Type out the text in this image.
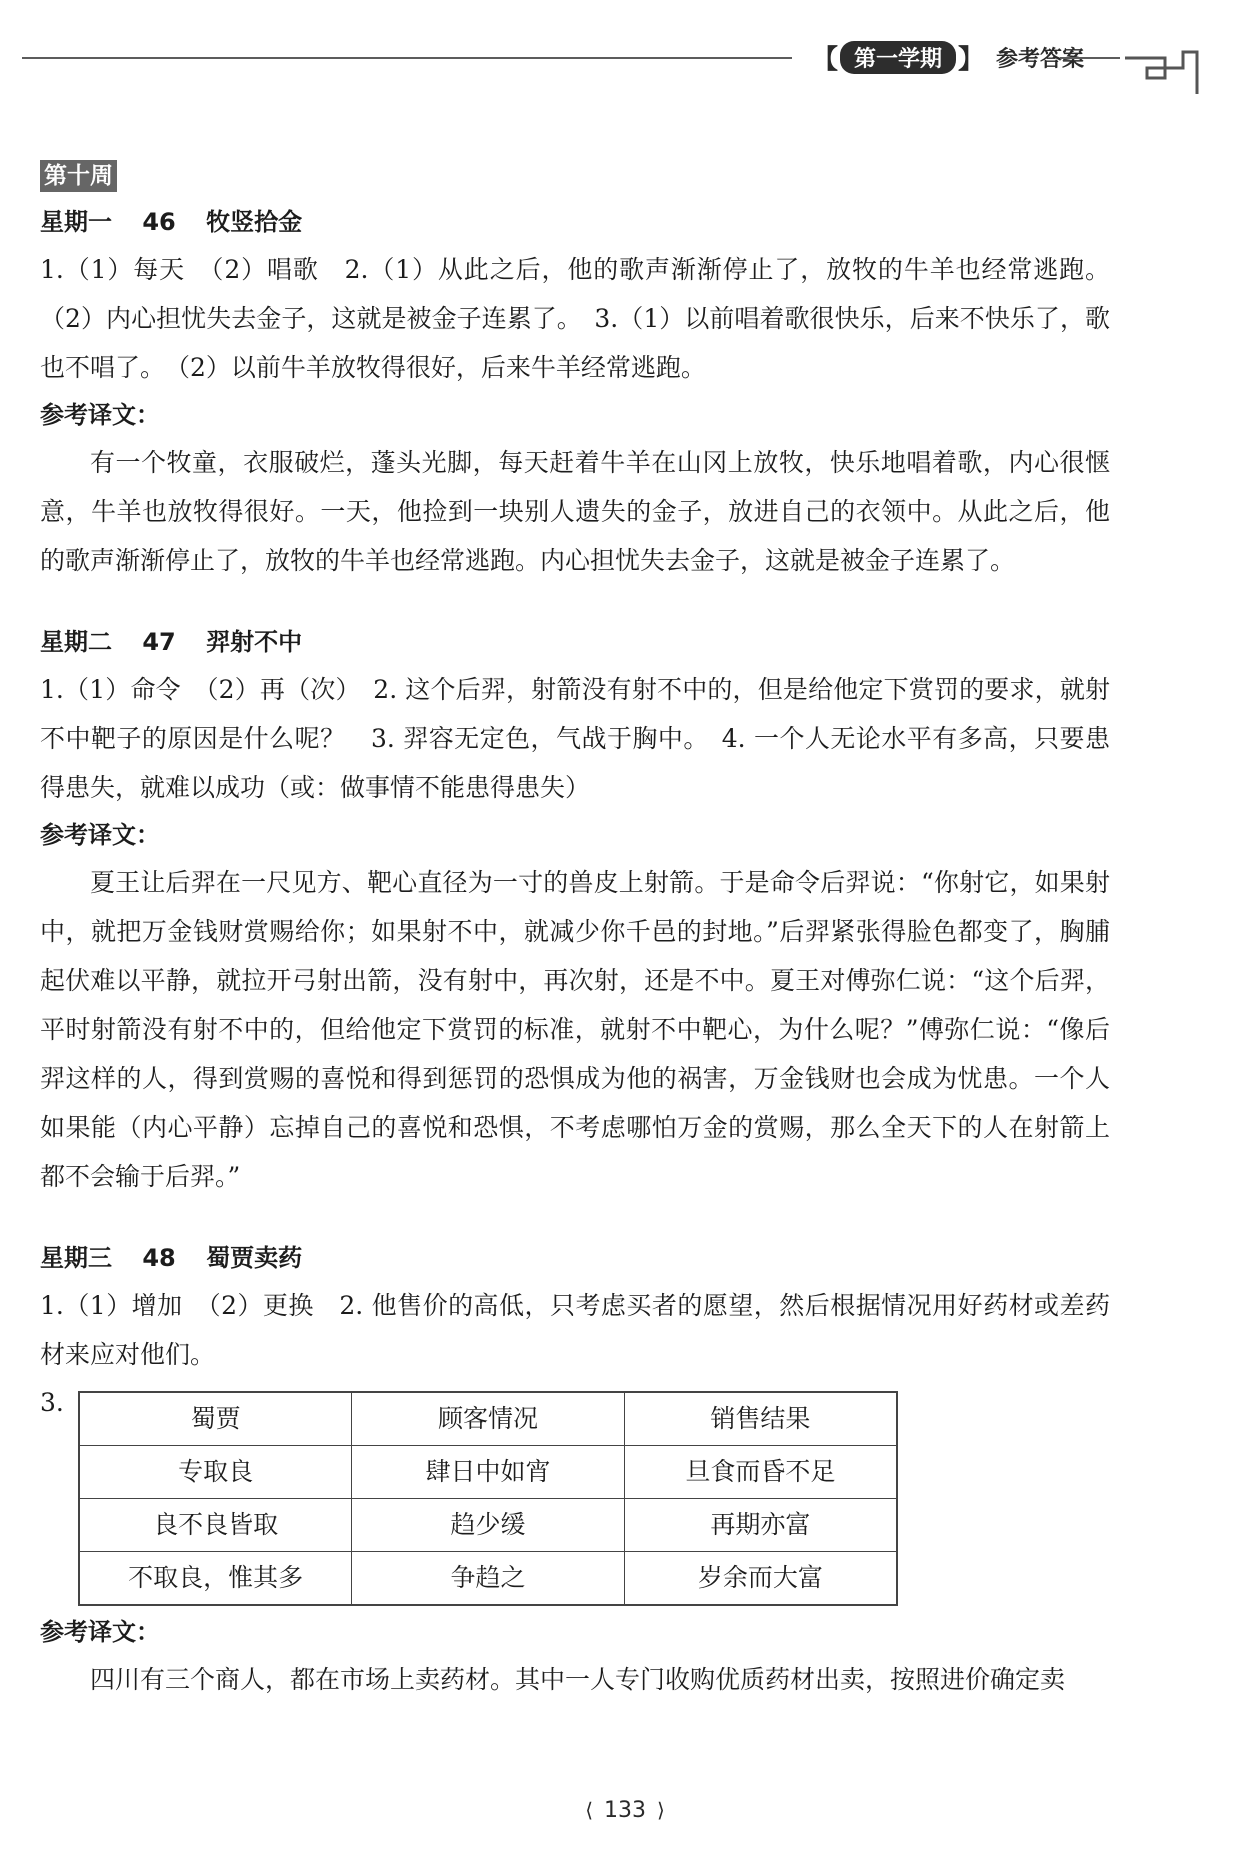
【 第一学期 】 参考答案
第十周
星期一 46 牧竖拾金
1.（1）每天　（2）唱歌　2.（1）从此之后，他的歌声渐渐停止了，放牧的牛羊也经常逃跑。（2）内心担忧失去金子，这就是被金子连累了。　3.（1）以前唱着歌很快乐，后来不快乐了，歌也不唱了。　（2）以前牛羊放牧得很好，后来牛羊经常逃跑。
参考译文：
有一个牧童，衣服破烂，蓬头光脚，每天赶着牛羊在山冈上放牧，快乐地唱着歌，内心很惬意，牛羊也放牧得很好。一天，他捡到一块别人遗失的金子，放进自己的衣领中。从此之后，他的歌声渐渐停止了，放牧的牛羊也经常逃跑。内心担忧失去金子，这就是被金子连累了。
星期二 47 羿射不中
1.（1）命令　（2）再（次）　2. 这个后羿，射箭没有射不中的，但是给他定下赏罚的要求，就射不中靶子的原因是什么呢？　3. 羿容无定色，气战于胸中。　4. 一个人无论水平有多高，只要患得患失，就难以成功（或：做事情不能患得患失）
参考译文：
夏王让后羿在一尺见方、靶心直径为一寸的兽皮上射箭。于是命令后羿说：“你射它，如果射中，就把万金钱财赏赐给你；如果射不中，就减少你千邑的封地。”后羿紧张得脸色都变了，胸脯起伏难以平静，就拉开弓射出箭，没有射中，再次射，还是不中。夏王对傅弥仁说：“这个后羿，平时射箭没有射不中的，但给他定下赏罚的标准，就射不中靶心，为什么呢？”傅弥仁说：“像后羿这样的人，得到赏赐的喜悦和得到惩罚的恐惧成为他的祸害，万金钱财也会成为忧患。一个人如果能（内心平静）忘掉自己的喜悦和恐惧，不考虑哪怕万金的赏赐，那么全天下的人在射箭上都不会输于后羿。”
星期三 48 蜀贾卖药
1.（1）增加　（2）更换　2. 他售价的高低，只考虑买者的愿望，然后根据情况用好药材或差药材来应对他们。
3.
蜀贾	顾客情况	销售结果
专取良	肆日中如宵	旦食而昏不足
良不良皆取	趋少缓	再期亦富
不取良，惟其多	争趋之	岁余而大富
参考译文：
四川有三个商人，都在市场上卖药材。其中一人专门收购优质药材出卖，按照进价确定卖
⟨ 133 ⟩
